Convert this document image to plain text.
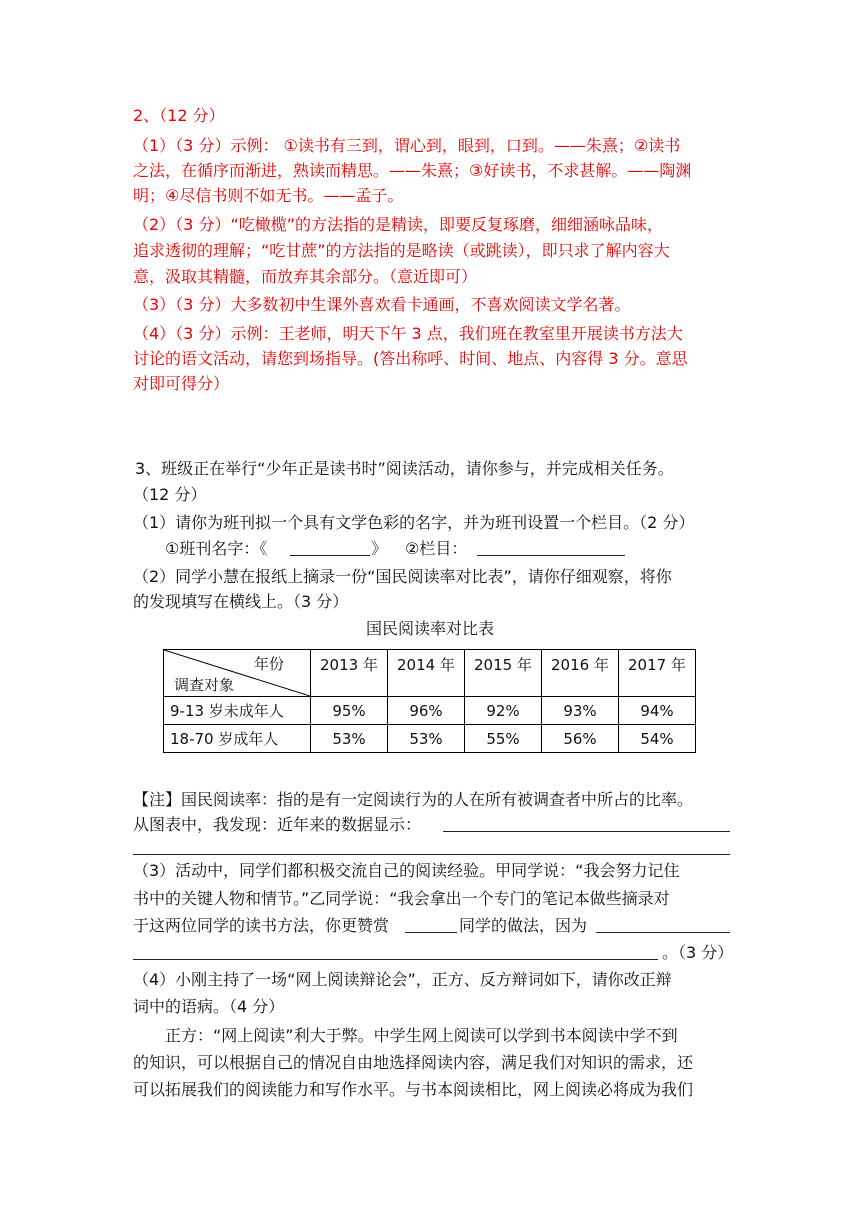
2、（12 分）
（1）（3 分）示例： ①读书有三到，谓心到，眼到，口到。——朱熹；②读书
之法，在循序而渐进，熟读而精思。——朱熹；③好读书，不求甚解。——陶渊
明；④尽信书则不如无书。——孟子。
（2）（3 分）“吃橄榄”的方法指的是精读，即要反复琢磨，细细涵咏品味，
追求透彻的理解；“吃甘蔗”的方法指的是略读（或跳读），即只求了解内容大
意，汲取其精髓，而放弃其余部分。（意近即可）
（3）（3 分）大多数初中生课外喜欢看卡通画，不喜欢阅读文学名著。
（4）（3 分）示例：王老师，明天下午 3 点，我们班在教室里开展读书方法大
讨论的语文活动，请您到场指导。(答出称呼、时间、地点、内容得 3 分。意思
对即可得分）
3、班级正在举行“少年正是读书时”阅读活动，请你参与，并完成相关任务。
（12 分）
（1）请你为班刊拟一个具有文学色彩的名字，并为班刊设置一个栏目。（2 分）
①班刊名字：《	》	②栏目：
（2）同学小慧在报纸上摘录一份“国民阅读率对比表”，请你仔细观察，将你
的发现填写在横线上。（3 分）
国民阅读率对比表
年份
调查对象	2013 年	2014 年	2015 年	2016 年	2017 年
9-13 岁未成年人	95%	96%	92%	93%	94%
18-70 岁成年人	53%	53%	55%	56%	54%
【注】国民阅读率：指的是有一定阅读行为的人在所有被调查者中所占的比率。
从图表中，我发现：近年来的数据显示：
（3）活动中，同学们都积极交流自己的阅读经验。甲同学说：“我会努力记住
书中的关键人物和情节。”乙同学说：“我会拿出一个专门的笔记本做些摘录对
于这两位同学的读书方法，你更赞赏	同学的做法，因为
。（3 分）
（4）小刚主持了一场“网上阅读辩论会”，正方、反方辩词如下，请你改正辩
词中的语病。（4 分）
正方：“网上阅读”利大于弊。中学生网上阅读可以学到书本阅读中学不到
的知识，可以根据自己的情况自由地选择阅读内容，满足我们对知识的需求，还
可以拓展我们的阅读能力和写作水平。与书本阅读相比，网上阅读必将成为我们
